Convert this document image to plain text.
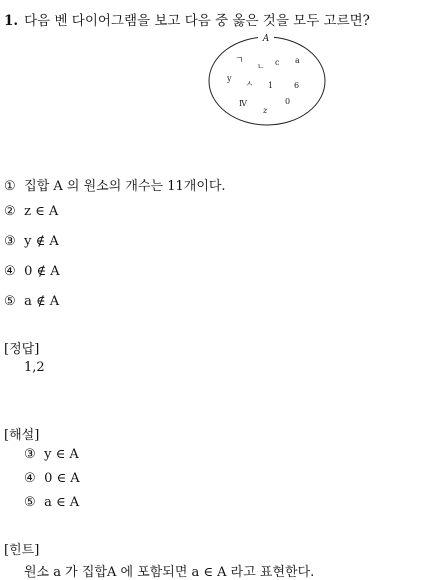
1. 다음 벤 다이어그램을 보고 다음 중 옳은 것을 모두 고르면?
A
ㄱ
ㄴ c a
y
ㅅ 1	6
Ⅳ	0
z
① 집합 A 의 원소의 개수는 11개이다.
② z ∈ A
③ y ∉ A
④ 0 ∉ A
⑤ a ∉ A
[정답]
1,2
[해설]
③ y ∈ A
④ 0 ∈ A
⑤ a ∈ A
[힌트]
원소 a 가 집합A 에 포함되면 a ∈ A 라고 표현한다.
